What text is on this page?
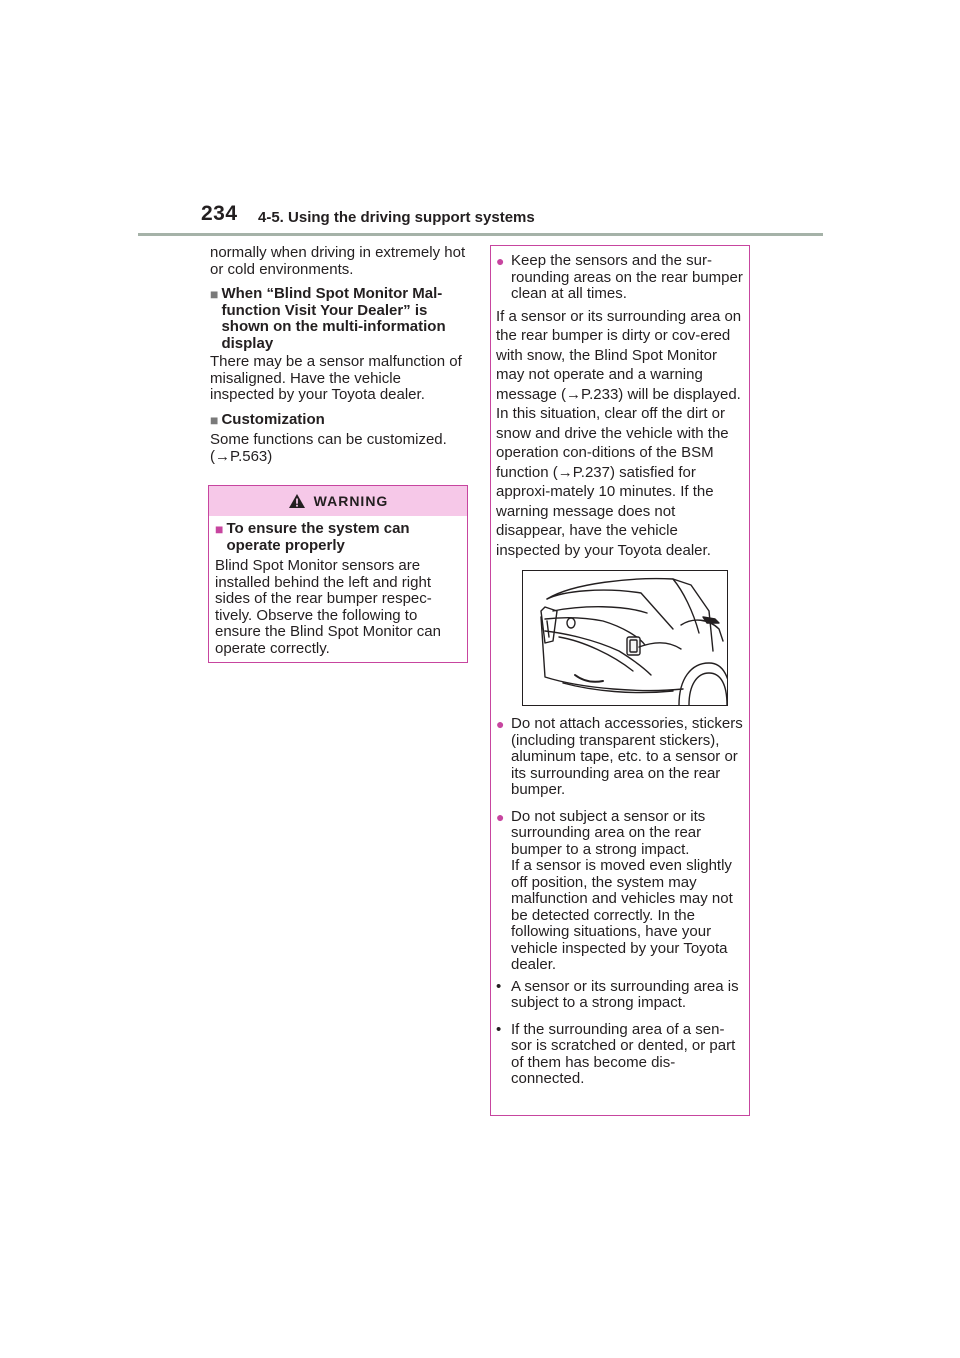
234 4-5. Using the driving support systems

normally when driving in extremely hot or cold environments.

■ When “Blind Spot Monitor Mal-function Visit Your Dealer” is shown on the multi-information display

There may be a sensor malfunction of misaligned. Have the vehicle inspected by your Toyota dealer.

■ Customization

Some functions can be customized. (→P.563)

WARNING
■ To ensure the system can operate properly

Blind Spot Monitor sensors are installed behind the left and right sides of the rear bumper respec-tively. Observe the following to ensure the Blind Spot Monitor can operate correctly.

● Keep the sensors and the sur-rounding areas on the rear bumper clean at all times.

If a sensor or its surrounding area on the rear bumper is dirty or cov-ered with snow, the Blind Spot Monitor may not operate and a warning message (→P.233) will be displayed. In this situation, clear off the dirt or snow and drive the vehicle with the operation con-ditions of the BSM function (→P.237) satisfied for approxi-mately 10 minutes. If the warning message does not disappear, have the vehicle inspected by your Toyota dealer.

● Do not attach accessories, stickers (including transparent stickers), aluminum tape, etc. to a sensor or its surrounding area on the rear bumper.
● Do not subject a sensor or its surrounding area on the rear bumper to a strong impact.
If a sensor is moved even slightly off position, the system may malfunction and vehicles may not be detected correctly. In the following situations, have your vehicle inspected by your Toyota dealer.
• A sensor or its surrounding area is subject to a strong impact.
• If the surrounding area of a sen-sor is scratched or dented, or part of them has become dis-connected.
